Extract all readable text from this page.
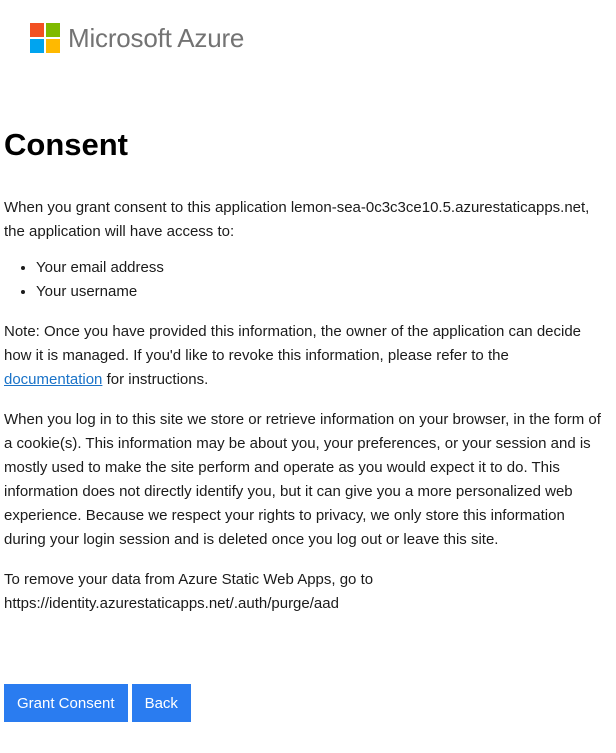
Microsoft Azure
Consent

When you grant consent to this application lemon-sea-0c3c3ce10.5.azurestaticapps.net, the application will have access to:

• Your email address
• Your username

Note: Once you have provided this information, the owner of the application can decide how it is managed. If you'd like to revoke this information, please refer to the documentation for instructions.

When you log in to this site we store or retrieve information on your browser, in the form of a cookie(s). This information may be about you, your preferences, or your session and is mostly used to make the site perform and operate as you would expect it to do. This information does not directly identify you, but it can give you a more personalized web experience. Because we respect your rights to privacy, we only store this information during your login session and is deleted once you log out or leave this site.

To remove your data from Azure Static Web Apps, go to
https://identity.azurestaticapps.net/.auth/purge/aad

Grant Consent	Back
